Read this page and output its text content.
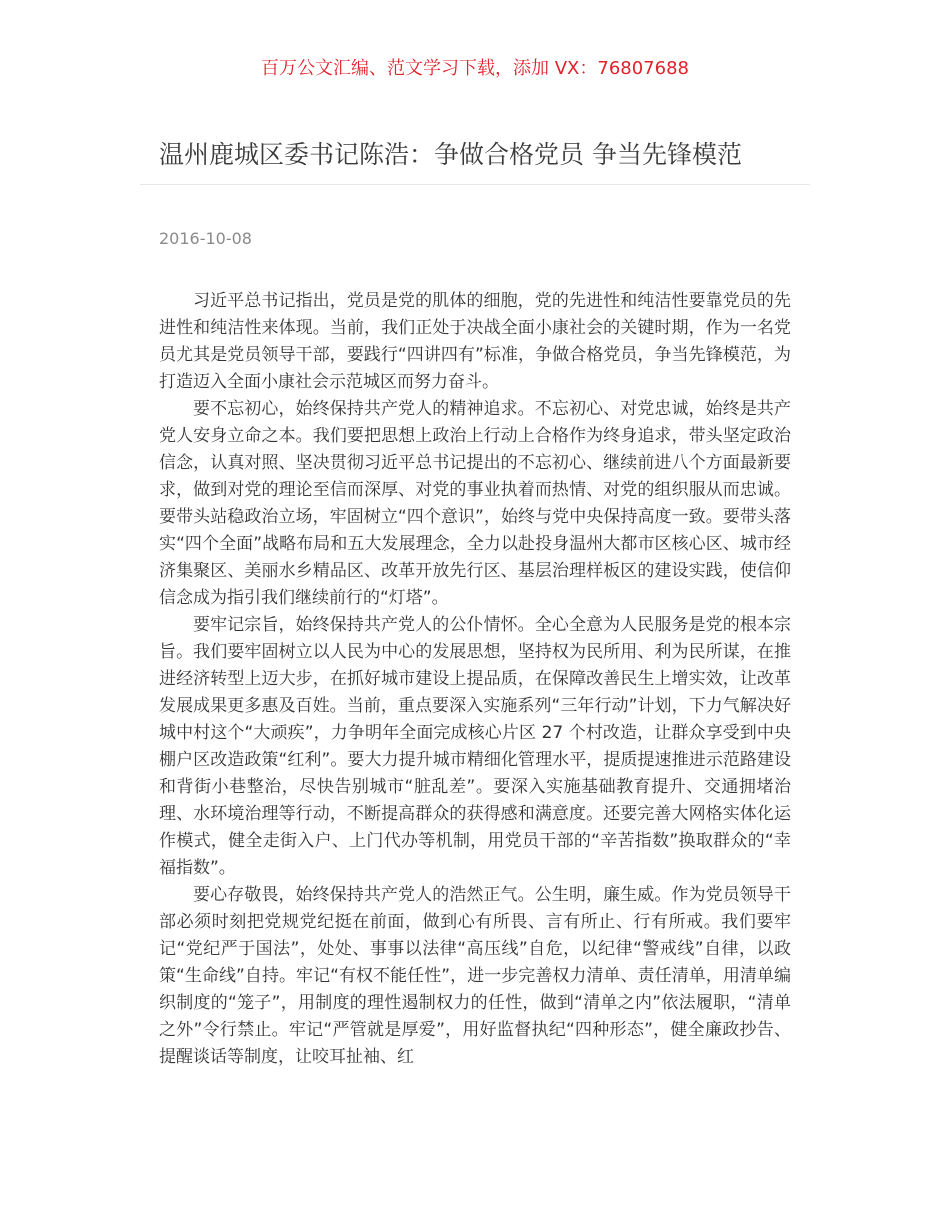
百万公文汇编、范文学习下载，添加 VX：76807688
温州鹿城区委书记陈浩：争做合格党员 争当先锋模范
2016-10-08

习近平总书记指出，党员是党的肌体的细胞，党的先进性和纯洁性要靠党员的先进性和纯洁性来体现。当前，我们正处于决战全面小康社会的关键时期，作为一名党员尤其是党员领导干部，要践行“四讲四有”标准，争做合格党员，争当先锋模范，为打造迈入全面小康社会示范城区而努力奋斗。

要不忘初心，始终保持共产党人的精神追求。不忘初心、对党忠诚，始终是共产党人安身立命之本。我们要把思想上政治上行动上合格作为终身追求，带头坚定政治信念，认真对照、坚决贯彻习近平总书记提出的不忘初心、继续前进八个方面最新要求，做到对党的理论至信而深厚、对党的事业执着而热情、对党的组织服从而忠诚。要带头站稳政治立场，牢固树立“四个意识”，始终与党中央保持高度一致。要带头落实“四个全面”战略布局和五大发展理念，全力以赴投身温州大都市区核心区、城市经济集聚区、美丽水乡精品区、改革开放先行区、基层治理样板区的建设实践，使信仰信念成为指引我们继续前行的“灯塔”。

要牢记宗旨，始终保持共产党人的公仆情怀。全心全意为人民服务是党的根本宗旨。我们要牢固树立以人民为中心的发展思想，坚持权为民所用、利为民所谋，在推进经济转型上迈大步，在抓好城市建设上提品质，在保障改善民生上增实效，让改革发展成果更多惠及百姓。当前，重点要深入实施系列“三年行动”计划，下力气解决好城中村这个“大顽疾”，力争明年全面完成核心片区 27 个村改造，让群众享受到中央棚户区改造政策“红利”。要大力提升城市精细化管理水平，提质提速推进示范路建设和背街小巷整治，尽快告别城市“脏乱差”。要深入实施基础教育提升、交通拥堵治理、水环境治理等行动，不断提高群众的获得感和满意度。还要完善大网格实体化运作模式，健全走街入户、上门代办等机制，用党员干部的“辛苦指数”换取群众的“幸福指数”。

要心存敬畏，始终保持共产党人的浩然正气。公生明，廉生威。作为党员领导干部必须时刻把党规党纪挺在前面，做到心有所畏、言有所止、行有所戒。我们要牢记“党纪严于国法”，处处、事事以法律“高压线”自危，以纪律“警戒线”自律，以政策“生命线”自持。牢记“有权不能任性”，进一步完善权力清单、责任清单，用清单编织制度的“笼子”，用制度的理性遏制权力的任性，做到“清单之内”依法履职，“清单之外”令行禁止。牢记“严管就是厚爱”，用好监督执纪“四种形态”，健全廉政抄告、提醒谈话等制度，让咬耳扯袖、红
